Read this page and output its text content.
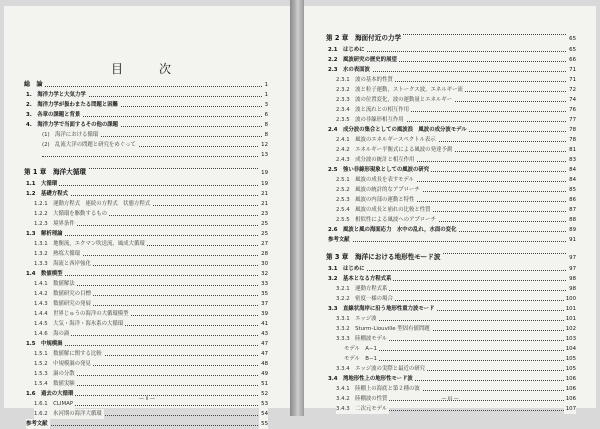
目　次
総　論	1
1.　海洋力学と大気力学	1
2.　海洋力学が扱わまたる問題と困難	3
3.　各章の課題と背景	6
4.　海洋力学で当面するその他の課題	8
(1)　海洋における循環	8
(2)　乱流大洋の問題と研究をめぐって	12
13
第 1 章　海洋大循環	19
1.1　大循環	19
1.2　基礎方程式	21
1.2.1　運動方程式　連続の方程式　状態方程式	21
1.2.2　大循環を駆動するもの	23
1.2.3　境界条件	25
1.3　解析理論	25
1.3.1　地衡流，エクマン吹送流，風成大循環	27
1.3.2　熱塩大循環	28
1.3.3　海流と西岸強化	30
1.4　数値模型	32
1.4.1　数値解法	33
1.4.2　数値研究の目標	35
1.4.3　数値研究の発展	37
1.4.4　世界じゅうの海洋の大循環模型	39
1.4.5　大気・海洋・海氷系の大循環	41
1.4.6　海の渦	43
1.5　中規模渦	47
1.5.1　数値解に関する比較	47
1.5.2　中規模渦の発見	48
1.5.3　渦の分散	49
1.5.4　数値実験	51
1.6　過去の大循環	52
1.6.1　CLIMAP	53
1.6.2　氷河期の海洋大循環	54
参考文献	55
— ii —
第 2 章　海面付近の力学	65
2.1　はじめに	65
2.2　風波研究の歴史的展望	66
2.3　水の表面波	71
2.3.1　波の基本的性質	71
2.3.2　波と粒子運動，ストークス波，エネルギー流	72
2.3.3　波の位置変化，波の運動量とエネルギー	74
2.3.4　波と流れとの相互作用	76
2.3.5　波の非線形相互作用	77
2.4　成分波の集合としての風波浪　風波の成分波モデル	78
2.4.1　風波のエネルギースペクトル表示	78
2.4.2　エネルギー平衡式による風波の発達予測	81
2.4.3　成分波の統計と相互作用	83
2.5　強い非線形現象としての風波の研究	84
2.5.1　風波の成長を表すモデル	84
2.5.2　風波の統計的なアプローチ	85
2.5.3　風波の内部の運動と特性	86
2.5.4　風波の成長と崩れの比較と性質	87
2.5.5　相似性による風波へのアプローチ	88
2.6　風波と風の海面応力　水中の乱れ，水面の変化	89
参考文献	91
第 3 章　海洋における地形性モード波	97
3.1　はじめに	97
3.2　基本となる方程式系	98
3.2.1　運動方程式系	98
3.2.2　密度一様の場合	100
3.3　直線状海岸に沿う地形性重力波モード	101
3.3.1　エッジ波	101
3.3.2　Sturm-Liouville 型固有値問題	102
3.3.3　陸棚波モデル	103
モデル　A−1	104
モデル　B−1	105
3.3.4　エッジ波の実際と最近の研究	105
3.4　湾地形性上の地形性モード波	106
3.4.1　陸棚上の海底と第２種の波	106
3.4.2　陸棚波の性質	106
3.4.3　二次元モデル	107
— iii —
